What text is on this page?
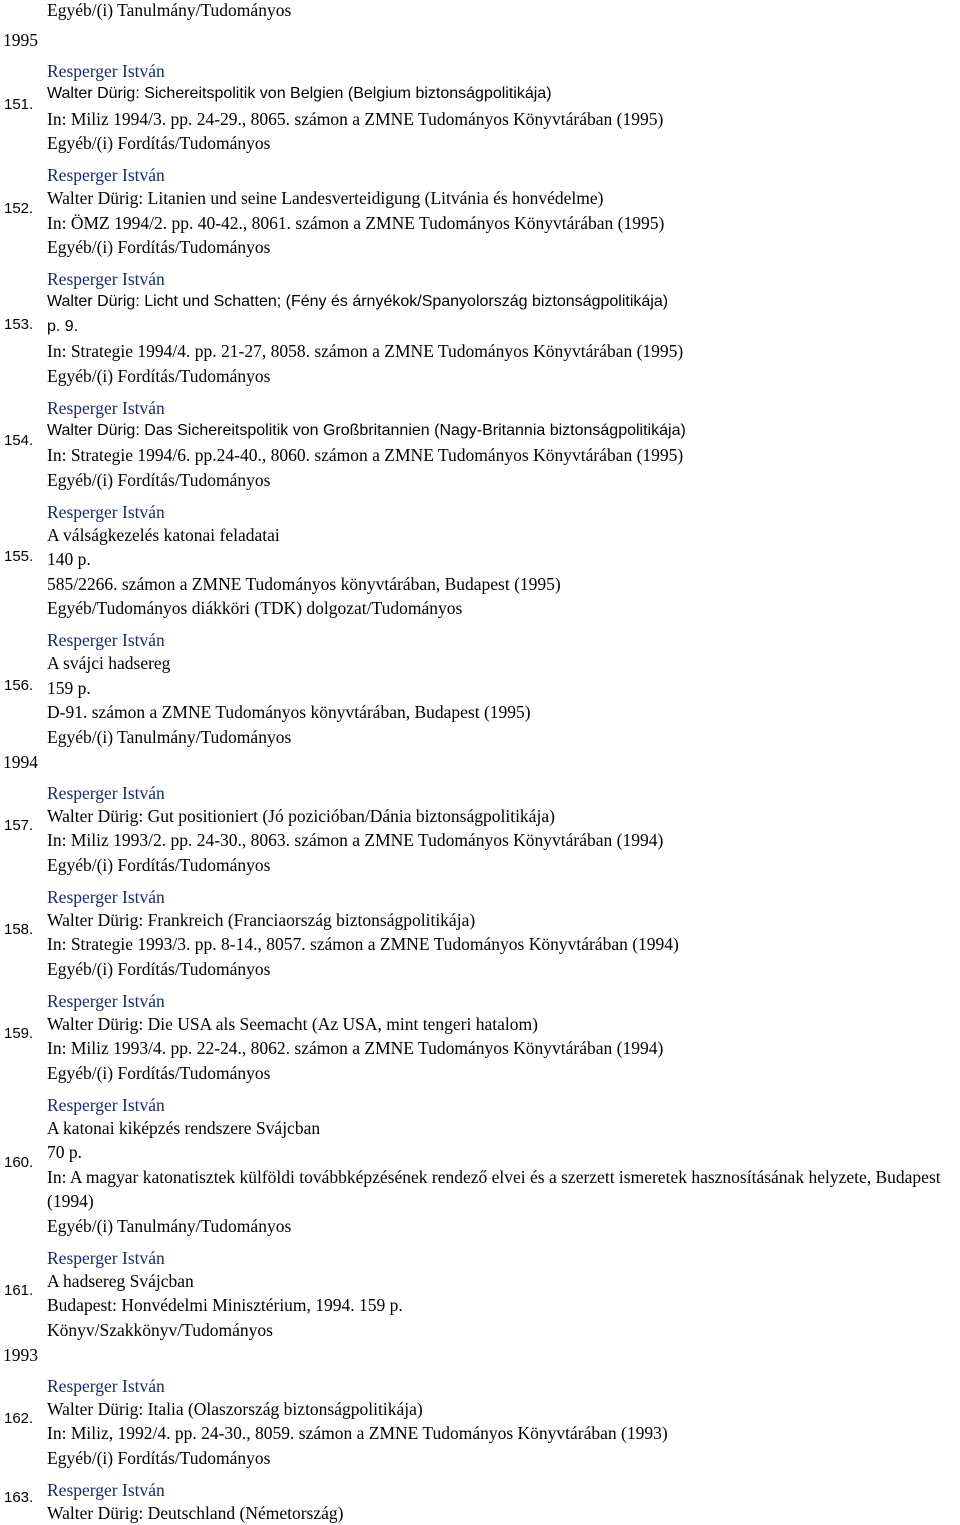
Egyéb/(i) Tanulmány/Tudományos
1995
151.
Resperger István
Walter Dürig: Sichereitspolitik von Belgien (Belgium biztonságpolitikája)
In: Miliz 1994/3. pp. 24-29., 8065. számon a ZMNE Tudományos Könyvtárában (1995)
Egyéb/(i) Fordítás/Tudományos
152.
Resperger István
Walter Dürig: Litanien und seine Landesverteidigung (Litvánia és honvédelme)
In: ÖMZ 1994/2. pp. 40-42., 8061. számon a ZMNE Tudományos Könyvtárában (1995)
Egyéb/(i) Fordítás/Tudományos
153.
Resperger István
Walter Dürig: Licht und Schatten; (Fény és árnyékok/Spanyolország biztonságpolitikája)
p. 9.
In: Strategie 1994/4. pp. 21-27, 8058. számon a ZMNE Tudományos Könyvtárában (1995)
Egyéb/(i) Fordítás/Tudományos
154.
Resperger István
Walter Dürig: Das Sichereitspolitik von Großbritannien (Nagy-Britannia biztonságpolitikája)
In: Strategie 1994/6. pp.24-40., 8060. számon a ZMNE Tudományos Könyvtárában (1995)
Egyéb/(i) Fordítás/Tudományos
155.
Resperger István
A válságkezelés katonai feladatai
140 p.
585/2266. számon a ZMNE Tudományos könyvtárában, Budapest (1995)
Egyéb/Tudományos diákköri (TDK) dolgozat/Tudományos
156.
Resperger István
A svájci hadsereg
159 p.
D-91. számon a ZMNE Tudományos könyvtárában, Budapest (1995)
Egyéb/(i) Tanulmány/Tudományos
1994
157.
Resperger István
Walter Dürig: Gut positioniert (Jó pozicióban/Dánia biztonságpolitikája)
In: Miliz 1993/2. pp. 24-30., 8063. számon a ZMNE Tudományos Könyvtárában (1994)
Egyéb/(i) Fordítás/Tudományos
158.
Resperger István
Walter Dürig: Frankreich (Franciaország biztonságpolitikája)
In: Strategie 1993/3. pp. 8-14., 8057. számon a ZMNE Tudományos Könyvtárában (1994)
Egyéb/(i) Fordítás/Tudományos
159.
Resperger István
Walter Dürig: Die USA als Seemacht (Az USA, mint tengeri hatalom)
In: Miliz 1993/4. pp. 22-24., 8062. számon a ZMNE Tudományos Könyvtárában (1994)
Egyéb/(i) Fordítás/Tudományos
160.
Resperger István
A katonai kiképzés rendszere Svájcban
70 p.
In: A magyar katonatisztek külföldi továbbképzésének rendező elvei és a szerzett ismeretek hasznosításának helyzete, Budapest (1994)
Egyéb/(i) Tanulmány/Tudományos
161.
Resperger István
A hadsereg Svájcban
Budapest: Honvédelmi Minisztérium, 1994. 159 p.
Könyv/Szakkönyv/Tudományos
1993
162.
Resperger István
Walter Dürig: Italia (Olaszország biztonságpolitikája)
In: Miliz, 1992/4. pp. 24-30., 8059. számon a ZMNE Tudományos Könyvtárában (1993)
Egyéb/(i) Fordítás/Tudományos
163. Resperger István
Walter Dürig: Deutschland (Németország)
